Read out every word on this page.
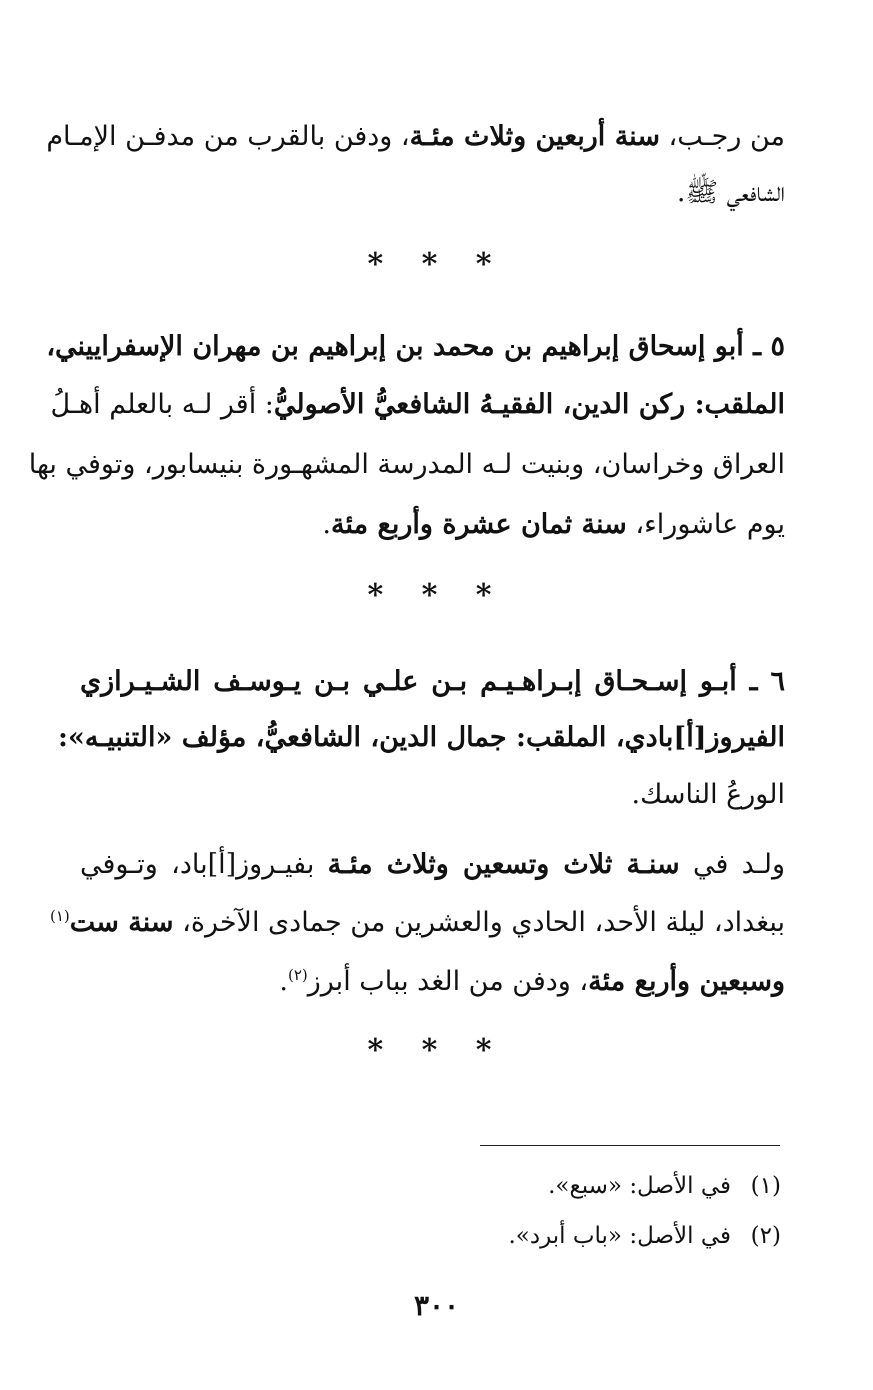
من رجـب، سنة أربعين وثلاث مئـة، ودفن بالقرب من مدفـن الإمـام
الشافعي ﷺ.
* * *
٥ ـ أبو إسحاق إبراهيم بن محمد بن إبراهيم بن مهران الإسفراييني،
الملقب: ركن الدين، الفقيـهُ الشافعيُّ الأصوليُّ: أقر لـه بالعلم أهـلُ
العراق وخراسان، وبنيت لـه المدرسة المشهـورة بنيسابور، وتوفي بها
يوم عاشوراء، سنة ثمان عشرة وأربع مئة.
* * *
٦ ـ أبـو إسـحـاق إبـراهـيـم بـن علـي بـن يـوسـف الشـيـرازي
الفيروز[أ]بادي، الملقب: جمال الدين، الشافعيُّ، مؤلف «التنبيـه»:
الورعُ الناسك.
ولـد في سنـة ثلاث وتسعين وثلاث مئـة بفيـروز[أ]باد، وتـوفي
ببغداد، ليلة الأحد، الحادي والعشرين من جمادى الآخرة، سنة ست$^{(١)}$
وسبعين وأربع مئة، ودفن من الغد بباب أبرز$^{(٢)}$.
* * *
(١)في الأصل: «سبع».
(٢)في الأصل: «باب أبرد».
٣٠٠
